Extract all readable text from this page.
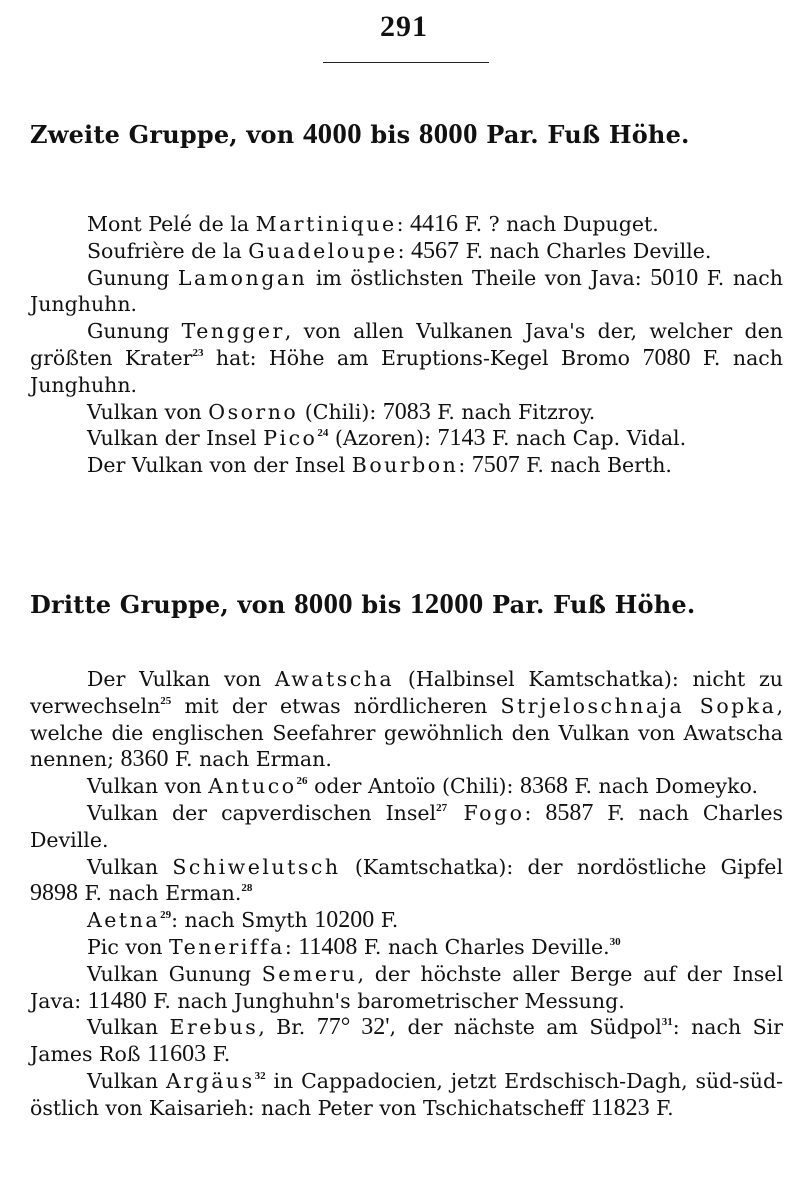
291
Zweite Gruppe, von 4000 bis 8000 Par. Fuß Höhe.
Mont Pelé de la Martinique: 4416 F. ? nach Dupuget.
Soufrière de la Guadeloupe: 4567 F. nach Charles Deville.
Gunung Lamongan im östlichsten Theile von Java: 5010 F. nach Junghuhn.
Gunung Tengger, von allen Vulkanen Java's der, welcher den größten Krater$^{23}$ hat: Höhe am Eruptions-Kegel Bromo 7080 F. nach Junghuhn.
Vulkan von Osorno (Chili): 7083 F. nach Fitzroy.
Vulkan der Insel Pico$^{24}$ (Azoren): 7143 F. nach Cap. Vidal.
Der Vulkan von der Insel Bourbon: 7507 F. nach Berth.
Dritte Gruppe, von 8000 bis 12000 Par. Fuß Höhe.
Der Vulkan von Awatscha (Halbinsel Kamtschatka): nicht zu verwechseln$^{25}$ mit der etwas nördlicheren Strjeloschnaja Sopka, welche die englischen Seefahrer gewöhnlich den Vulkan von Awatscha nennen; 8360 F. nach Erman.
Vulkan von Antuco$^{26}$ oder Antoïo (Chili): 8368 F. nach Domeyko.
Vulkan der capverdischen Insel$^{27}$ Fogo: 8587 F. nach Charles Deville.
Vulkan Schiwelutsch (Kamtschatka): der nordöstliche Gipfel 9898 F. nach Erman.$^{28}$
Aetna$^{29}$: nach Smyth 10200 F.
Pic von Teneriffa: 11408 F. nach Charles Deville.$^{30}$
Vulkan Gunung Semeru, der höchste aller Berge auf der Insel Java: 11480 F. nach Junghuhn's barometrischer Messung.
Vulkan Erebus, Br. 77° 32', der nächste am Südpol$^{31}$: nach Sir James Roß 11603 F.
Vulkan Argäus$^{32}$ in Cappadocien, jetzt Erdschisch-Dagh, süd-süd-östlich von Kaisarieh: nach Peter von Tschichatscheff 11823 F.
